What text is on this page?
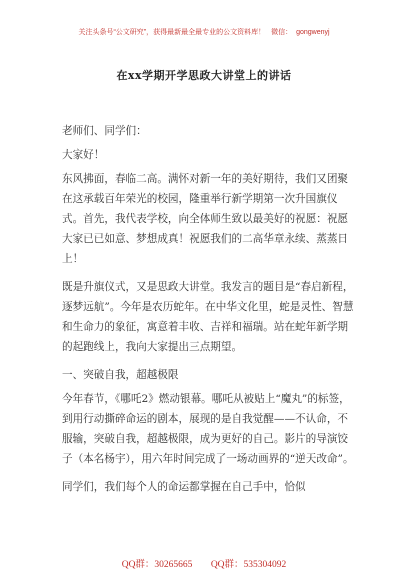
关注头条号“公文研究”，获得最新最全最专业的公文资料库！ 微信： gongwenyj
在xx学期开学思政大讲堂上的讲话

老师们、同学们：

大家好！

东风拂面，春临二高。满怀对新一年的美好期待，我们又团聚在这承载百年荣光的校园，隆重举行新学期第一次升国旗仪式。首先，我代表学校，向全体师生致以最美好的祝愿：祝愿大家已已如意、梦想成真！祝愿我们的二高华章永续、蒸蒸日上！

既是升旗仪式，又是思政大讲堂。我发言的题目是“春启新程，逐梦远航”。今年是农历蛇年。在中华文化里，蛇是灵性、智慧和生命力的象征，寓意着丰收、吉祥和福瑞。站在蛇年新学期的起跑线上，我向大家提出三点期望。

一、突破自我，超越极限

今年春节，《哪吒2》燃动银幕。哪吒从被贴上“魔丸”的标签，到用行动撕碎命运的剧本，展现的是自我觉醒——不认命，不服输，突破自我，超越极限，成为更好的自己。影片的导演饺子（本名杨宇），用六年时间完成了一场动画界的“逆天改命”。

同学们，我们每个人的命运都掌握在自己手中，恰似

QQ群：30265665 QQ群：535304092
